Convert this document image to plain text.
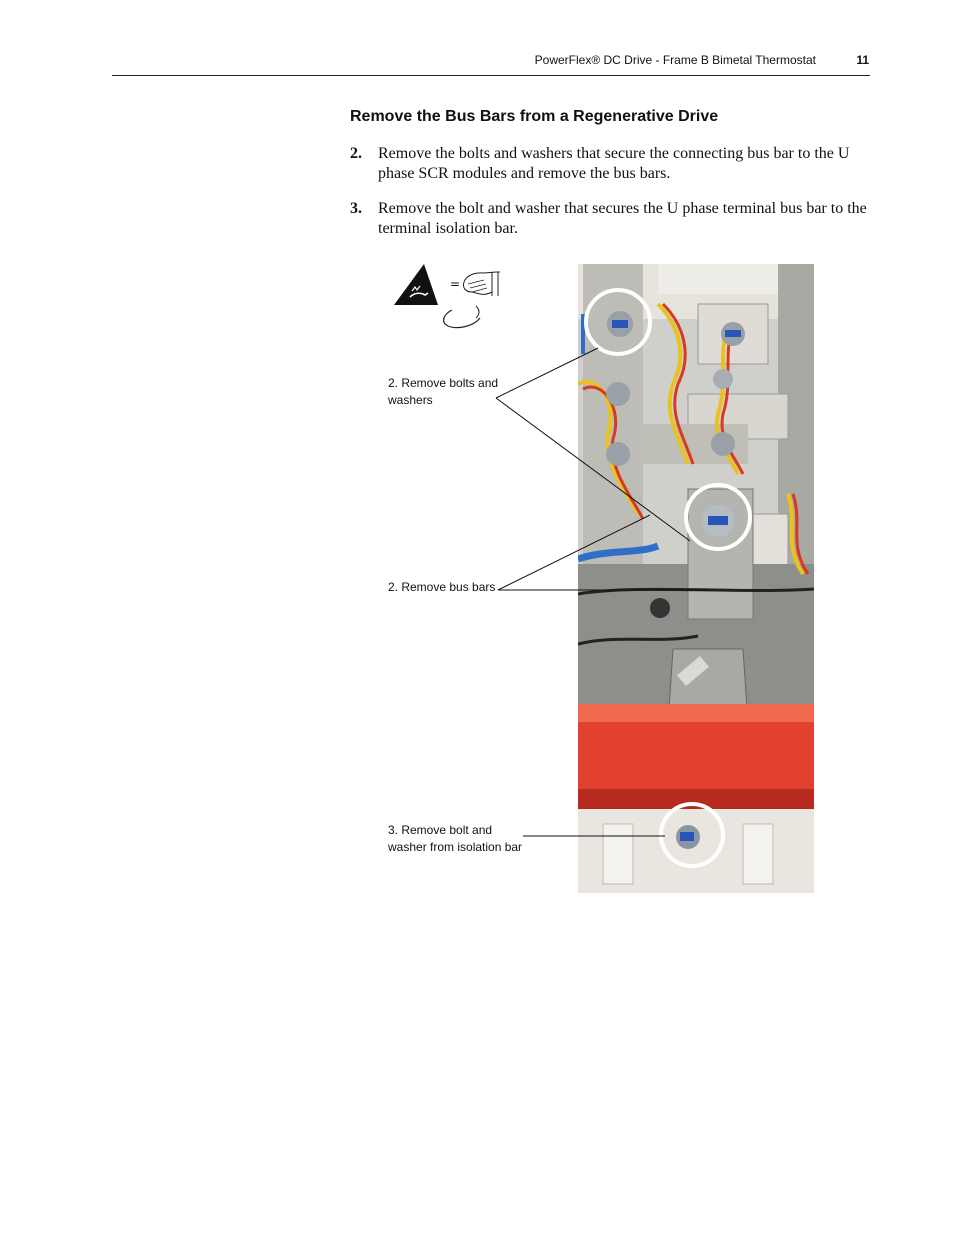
PowerFlex® DC Drive - Frame B Bimetal Thermostat	11
Remove the Bus Bars from a Regenerative Drive
2. Remove the bolts and washers that secure the connecting bus bar to the U phase SCR modules and remove the bus bars.
3. Remove the bolt and washer that secures the U phase terminal bus bar to the terminal isolation bar.
=
2. Remove bolts and
washers
2. Remove bus bars
3. Remove bolt and
washer from isolation bar
